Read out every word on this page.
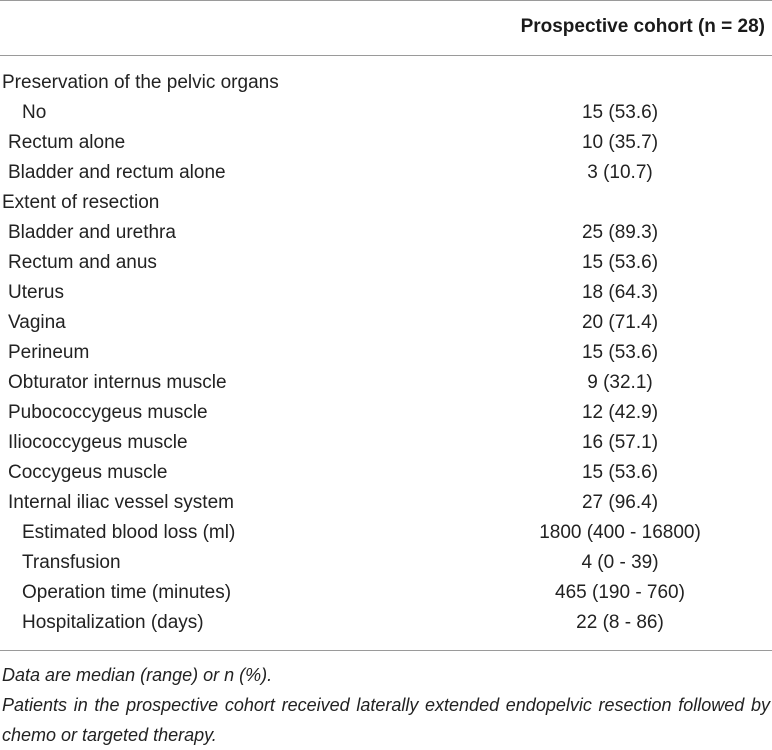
Prospective cohort (n = 28)
Preservation of the pelvic organs
No	15 (53.6)
Rectum alone	10 (35.7)
Bladder and rectum alone	3 (10.7)
Extent of resection
Bladder and urethra	25 (89.3)
Rectum and anus	15 (53.6)
Uterus	18 (64.3)
Vagina	20 (71.4)
Perineum	15 (53.6)
Obturator internus muscle	9 (32.1)
Pubococcygeus muscle	12 (42.9)
Iliococcygeus muscle	16 (57.1)
Coccygeus muscle	15 (53.6)
Internal iliac vessel system	27 (96.4)
Estimated blood loss (ml)	1800 (400 - 16800)
Transfusion	4 (0 - 39)
Operation time (minutes)	465 (190 - 760)
Hospitalization (days)	22 (8 - 86)

Data are median (range) or n (%).

Patients in the prospective cohort received laterally extended endopelvic resection followed by chemo or targeted therapy.
